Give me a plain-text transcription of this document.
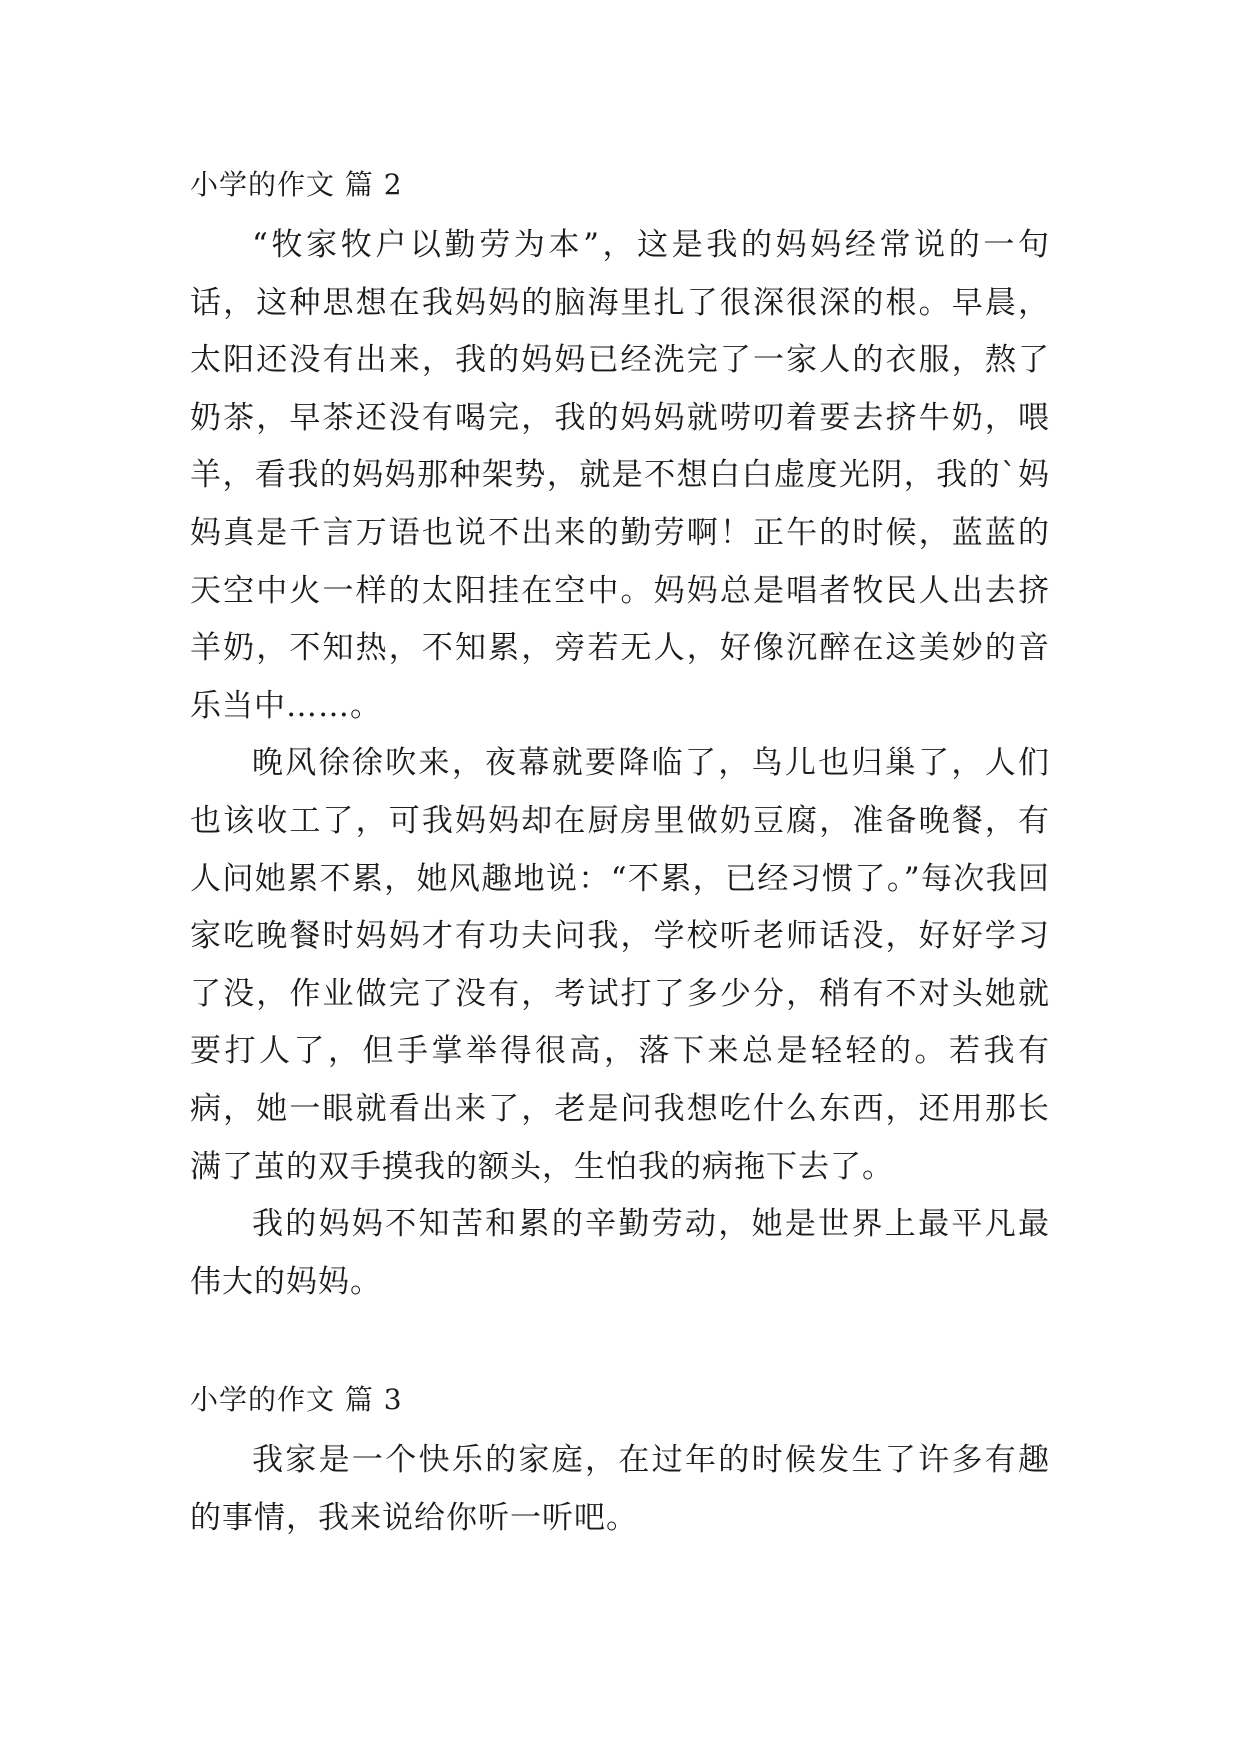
小学的作文 篇 2

“牧家牧户以勤劳为本”，这是我的妈妈经常说的一句话，这种思想在我妈妈的脑海里扎了很深很深的根。早晨，太阳还没有出来，我的妈妈已经洗完了一家人的衣服，熬了奶茶，早茶还没有喝完，我的妈妈就唠叨着要去挤牛奶，喂羊，看我的妈妈那种架势，就是不想白白虚度光阴，我的`妈妈真是千言万语也说不出来的勤劳啊！正午的时候，蓝蓝的天空中火一样的太阳挂在空中。妈妈总是唱者牧民人出去挤羊奶，不知热，不知累，旁若无人，好像沉醉在这美妙的音乐当中……。

晚风徐徐吹来，夜幕就要降临了，鸟儿也归巢了，人们也该收工了，可我妈妈却在厨房里做奶豆腐，准备晚餐，有人问她累不累，她风趣地说：“不累，已经习惯了。”每次我回家吃晚餐时妈妈才有功夫问我，学校听老师话没，好好学习了没，作业做完了没有，考试打了多少分，稍有不对头她就要打人了，但手掌举得很高，落下来总是轻轻的。若我有病，她一眼就看出来了，老是问我想吃什么东西，还用那长满了茧的双手摸我的额头，生怕我的病拖下去了。

我的妈妈不知苦和累的辛勤劳动，她是世界上最平凡最伟大的妈妈。

小学的作文 篇 3

我家是一个快乐的家庭，在过年的时候发生了许多有趣的事情，我来说给你听一听吧。
